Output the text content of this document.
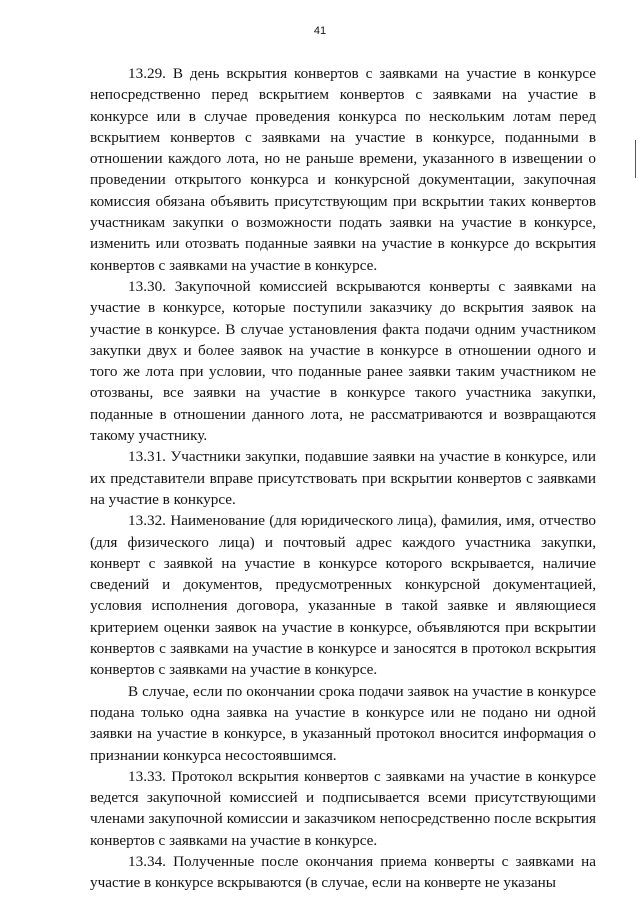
41

13.29. В день вскрытия конвертов с заявками на участие в конкурсе непосредственно перед вскрытием конвертов с заявками на участие в конкурсе или в случае проведения конкурса по нескольким лотам перед вскрытием конвертов с заявками на участие в конкурсе, поданными в отношении каждого лота, но не раньше времени, указанного в извещении о проведении открытого конкурса и конкурсной документации, закупочная комиссия обязана объявить присутствующим при вскрытии таких конвертов участникам закупки о возможности подать заявки на участие в конкурсе, изменить или отозвать поданные заявки на участие в конкурсе до вскрытия конвертов с заявками на участие в конкурсе.

13.30. Закупочной комиссией вскрываются конверты с заявками на участие в конкурсе, которые поступили заказчику до вскрытия заявок на участие в конкурсе. В случае установления факта подачи одним участником закупки двух и более заявок на участие в конкурсе в отношении одного и того же лота при условии, что поданные ранее заявки таким участником не отозваны, все заявки на участие в конкурсе такого участника закупки, поданные в отношении данного лота, не рассматриваются и возвращаются такому участнику.

13.31. Участники закупки, подавшие заявки на участие в конкурсе, или их представители вправе присутствовать при вскрытии конвертов с заявками на участие в конкурсе.

13.32. Наименование (для юридического лица), фамилия, имя, отчество (для физического лица) и почтовый адрес каждого участника закупки, конверт с заявкой на участие в конкурсе которого вскрывается, наличие сведений и документов, предусмотренных конкурсной документацией, условия исполнения договора, указанные в такой заявке и являющиеся критерием оценки заявок на участие в конкурсе, объявляются при вскрытии конвертов с заявками на участие в конкурсе и заносятся в протокол вскрытия конвертов с заявками на участие в конкурсе.

В случае, если по окончании срока подачи заявок на участие в конкурсе подана только одна заявка на участие в конкурсе или не подано ни одной заявки на участие в конкурсе, в указанный протокол вносится информация о признании конкурса несостоявшимся.

13.33. Протокол вскрытия конвертов с заявками на участие в конкурсе ведется закупочной комиссией и подписывается всеми присутствующими членами закупочной комиссии и заказчиком непосредственно после вскрытия конвертов с заявками на участие в конкурсе.

13.34. Полученные после окончания приема конверты с заявками на участие в конкурсе вскрываются (в случае, если на конверте не указаны
